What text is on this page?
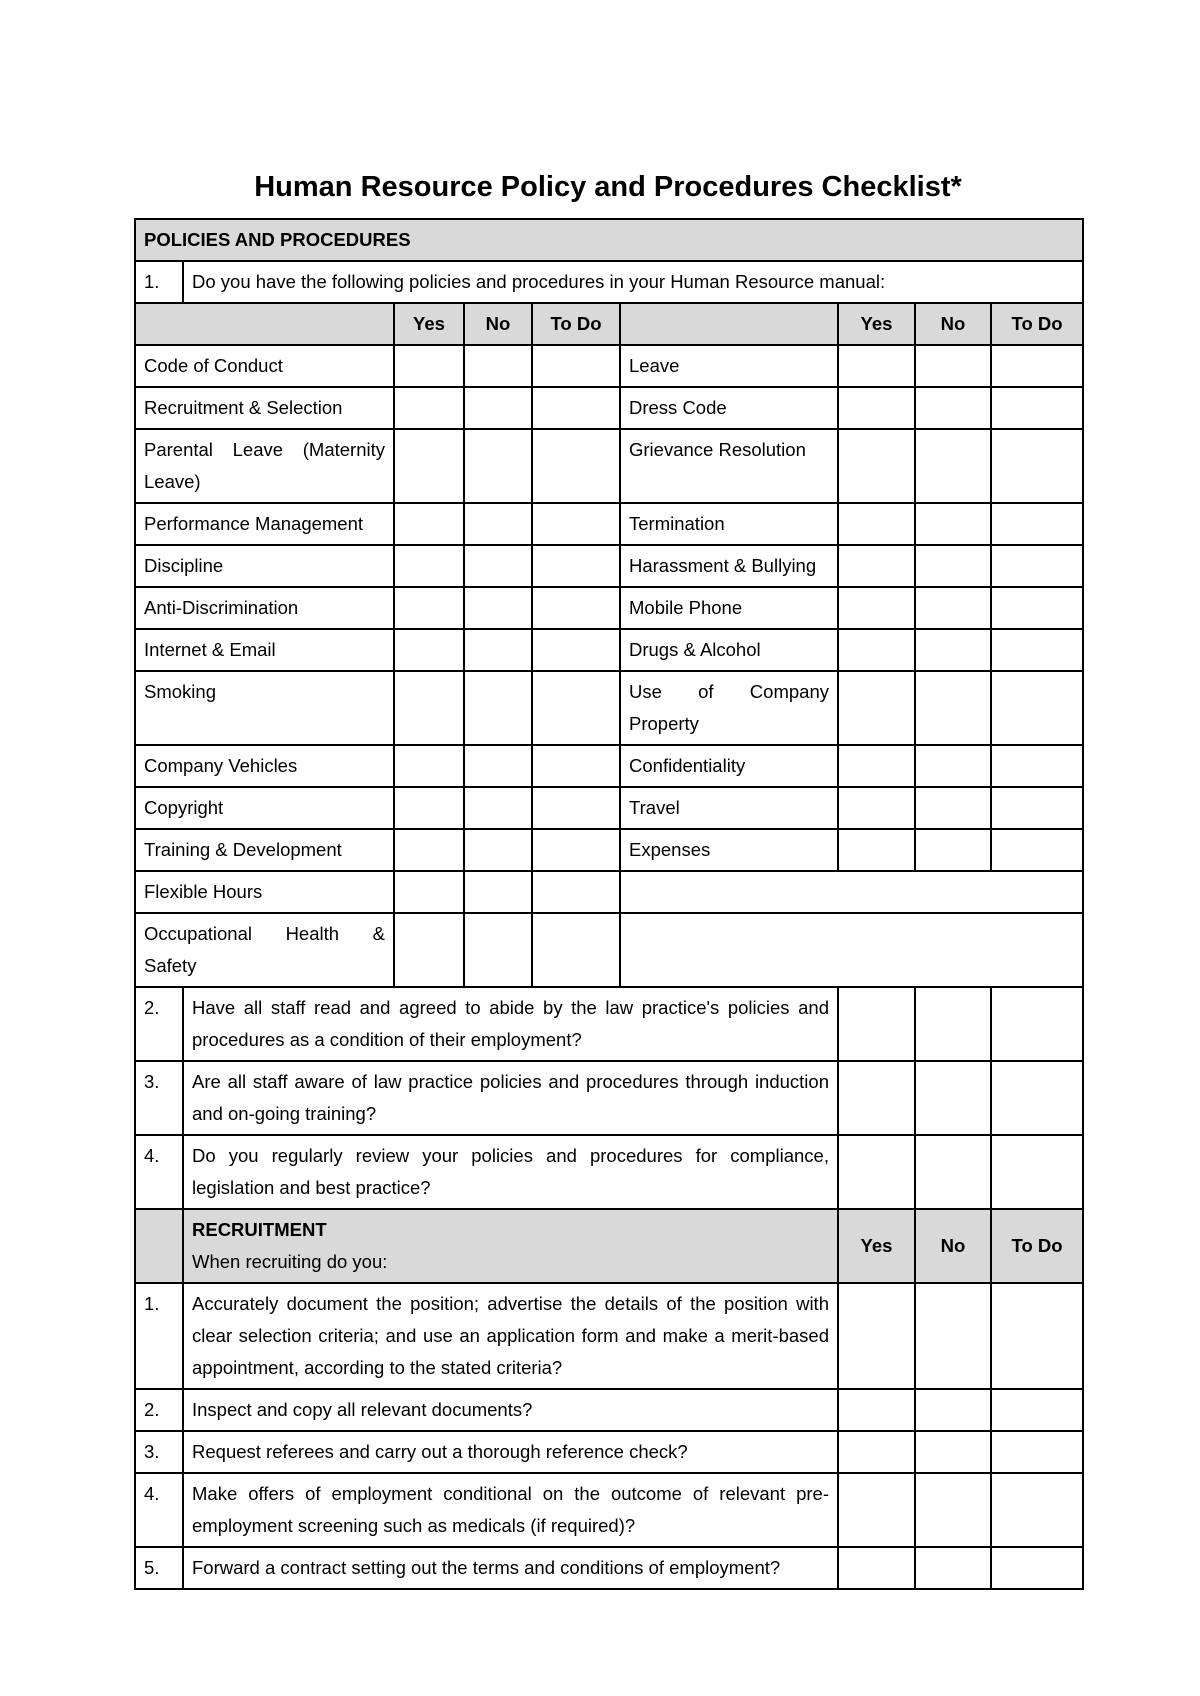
Human Resource Policy and Procedures Checklist*
POLICIES AND PROCEDURES								
1.	Do you have the following policies and procedures in your Human Resource manual:							
		Yes	No	To Do		Yes	No	To Do
Code of Conduct					Leave			
Recruitment & Selection					Dress Code			
Parental Leave (Maternity Leave)					Grievance Resolution			
Performance Management					Termination			
Discipline					Harassment & Bullying			
Anti-Discrimination					Mobile Phone			
Internet & Email					Drugs & Alcohol			
Smoking					Use of Company Property			
Company Vehicles					Confidentiality			
Copyright					Travel			
Training & Development					Expenses			
Flexible Hours								
Occupational Health & Safety								
2.	Have all staff read and agreed to abide by the law practice's policies and procedures as a condition of their employment?							
3.	Are all staff aware of law practice policies and procedures through induction and on-going training?							
4.	Do you regularly review your policies and procedures for compliance, legislation and best practice?							

	RECRUITMENT
When recruiting do you:					Yes	No	To Do
1.	Accurately document the position; advertise the details of the position with clear selection criteria; and use an application form and make a merit-based appointment, according to the stated criteria?							
2.	Inspect and copy all relevant documents?							
3.	Request referees and carry out a thorough reference check?							
4.	Make offers of employment conditional on the outcome of relevant pre-employment screening such as medicals (if required)?							
5.	Forward a contract setting out the terms and conditions of employment?							
